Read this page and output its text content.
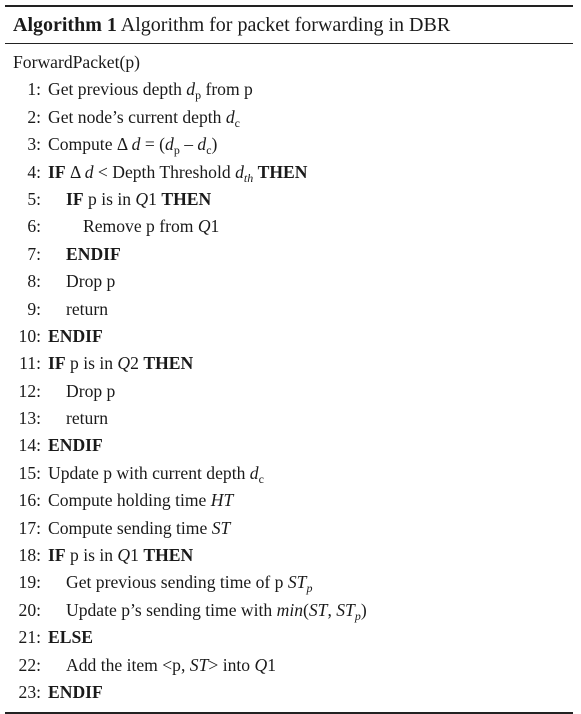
Algorithm 1 Algorithm for packet forwarding in DBR
ForwardPacket(p)
1: Get previous depth $d_p$ from p
2: Get node’s current depth $d_c$
3: Compute Δ $d = (d_p - d_c)$
4: IF Δ d < Depth Threshold $d_{th}$ THEN
5: IF p is in Q1 THEN
6: Remove p from Q1
7: ENDIF
8: Drop p
9: return
10: ENDIF
11: IF p is in Q2 THEN
12: Drop p
13: return
14: ENDIF
15: Update p with current depth $d_c$
16: Compute holding time HT
17: Compute sending time ST
18: IF p is in Q1 THEN
19: Get previous sending time of p $ST_p$
20: Update p’s sending time with min(ST, $ST_p$)
21: ELSE
22: Add the item <p, ST> into Q1
23: ENDIF
